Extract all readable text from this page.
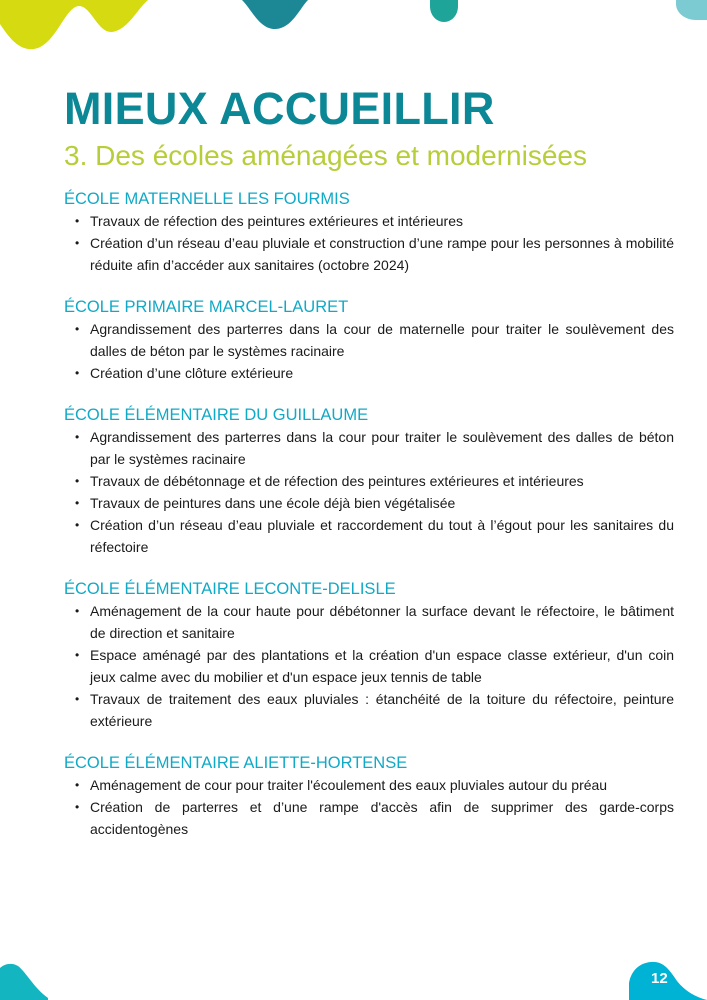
12
MIEUX ACCUEILLIR
3. Des écoles aménagées et modernisées
ÉCOLE MATERNELLE LES FOURMIS
• Travaux de réfection des peintures extérieures et intérieures
• Création d’un réseau d’eau pluviale et construction d’une rampe pour les personnes à mobilité réduite afin d’accéder aux sanitaires (octobre 2024)
ÉCOLE PRIMAIRE MARCEL-LAURET
• Agrandissement des parterres dans la cour de maternelle pour traiter le soulèvement des dalles de béton par le systèmes racinaire
• Création d’une clôture extérieure
ÉCOLE ÉLÉMENTAIRE DU GUILLAUME
• Agrandissement des parterres dans la cour pour traiter le soulèvement des dalles de béton par le systèmes racinaire
• Travaux de débétonnage et de réfection des peintures extérieures et intérieures
• Travaux de peintures dans une école déjà bien végétalisée
• Création d’un réseau d’eau pluviale et raccordement du tout à l’égout pour les sanitaires du réfectoire
ÉCOLE ÉLÉMENTAIRE LECONTE-DELISLE
• Aménagement de la cour haute pour débétonner la surface devant le réfectoire, le bâtiment de direction et sanitaire
• Espace aménagé par des plantations et la création d'un espace classe extérieur, d'un coin jeux calme avec du mobilier et d'un espace jeux tennis de table
• Travaux de traitement des eaux pluviales : étanchéité de la toiture du réfectoire, peinture extérieure
ÉCOLE ÉLÉMENTAIRE ALIETTE-HORTENSE
• Aménagement de cour pour traiter l'écoulement des eaux pluviales autour du préau
• Création de parterres et d’une rampe d'accès afin de supprimer des garde-corps accidentogènes
